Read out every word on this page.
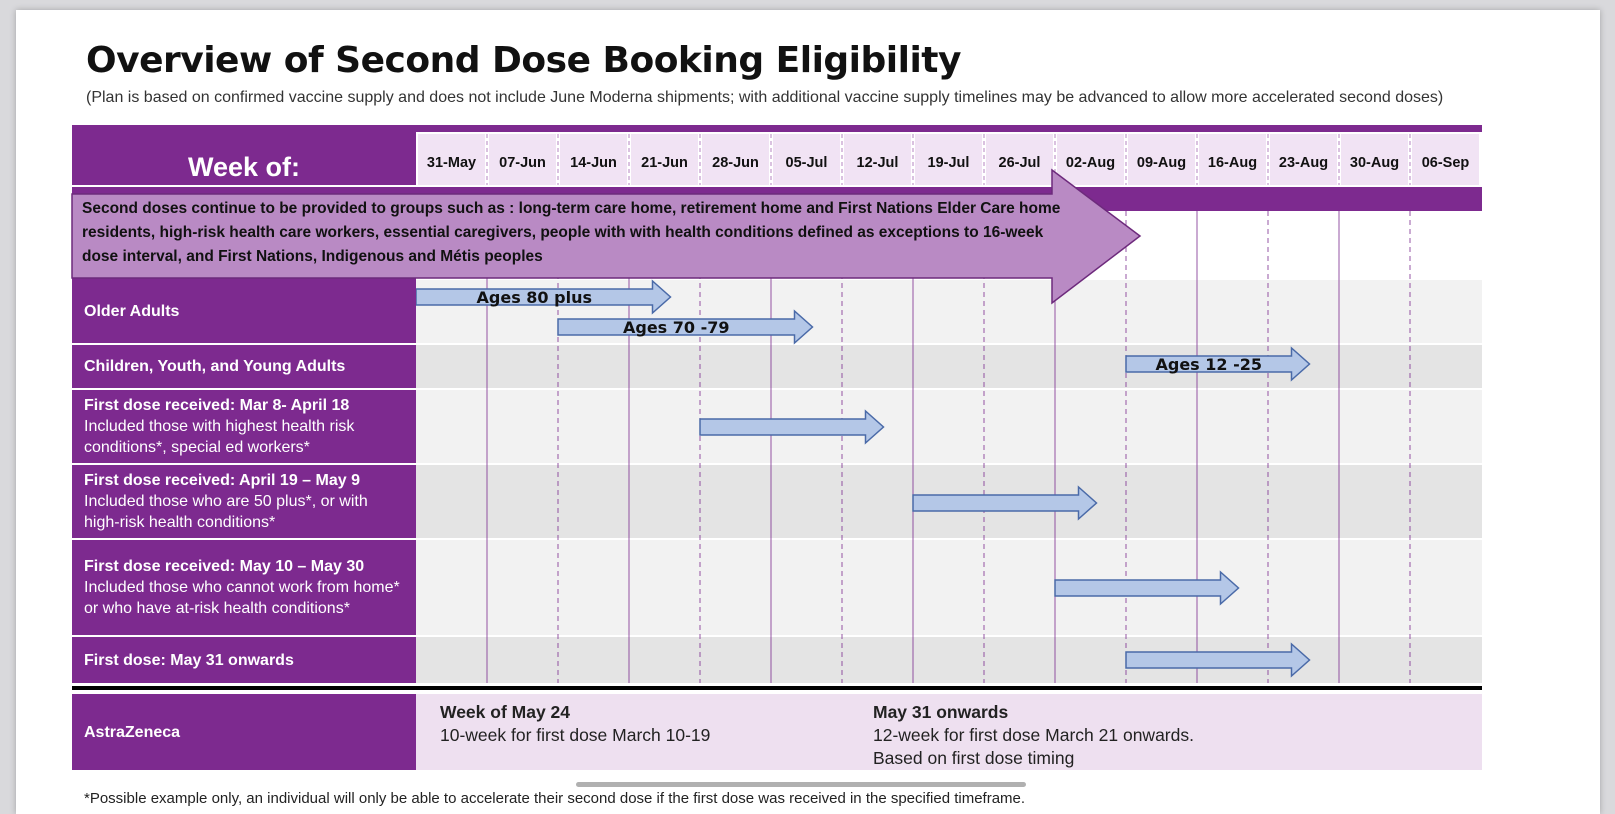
Overview of Second Dose Booking Eligibility
(Plan is based on confirmed vaccine supply and does not include June Moderna shipments; with additional vaccine supply timelines may be advanced to allow more accelerated second doses)
31-May 07-Jun 14-Jun 21-Jun 28-Jun 05-Jul 12-Jul 19-Jul 26-Jul 02-Aug 09-Aug 16-Aug 23-Aug 30-Aug 06-Sep
Ages 80 plus
Ages 70 -79
Ages 12 -25
Week of:
Second doses continue to be provided to groups such as : long-term care home, retirement home and First Nations Elder Care home residents, high-risk health care workers, essential caregivers, people with with health conditions defined as exceptions to 16-week dose interval, and First Nations, Indigenous and Métis peoples
Older Adults
Children, Youth, and Young Adults
First dose received: Mar 8- April 18
Included those with highest health risk conditions*, special ed workers*
First dose received: April 19 – May 9
Included those who are 50 plus*, or with high-risk health conditions*
First dose received: May 10 – May 30
Included those who cannot work from home* or who have at-risk health conditions*
First dose: May 31 onwards
AstraZeneca
Week of May 24
10-week for first dose March 10-19
May 31 onwards
12-week for first dose March 21 onwards.
Based on first dose timing
*Possible example only, an individual will only be able to accelerate their second dose if the first dose was received in the specified timeframe.
